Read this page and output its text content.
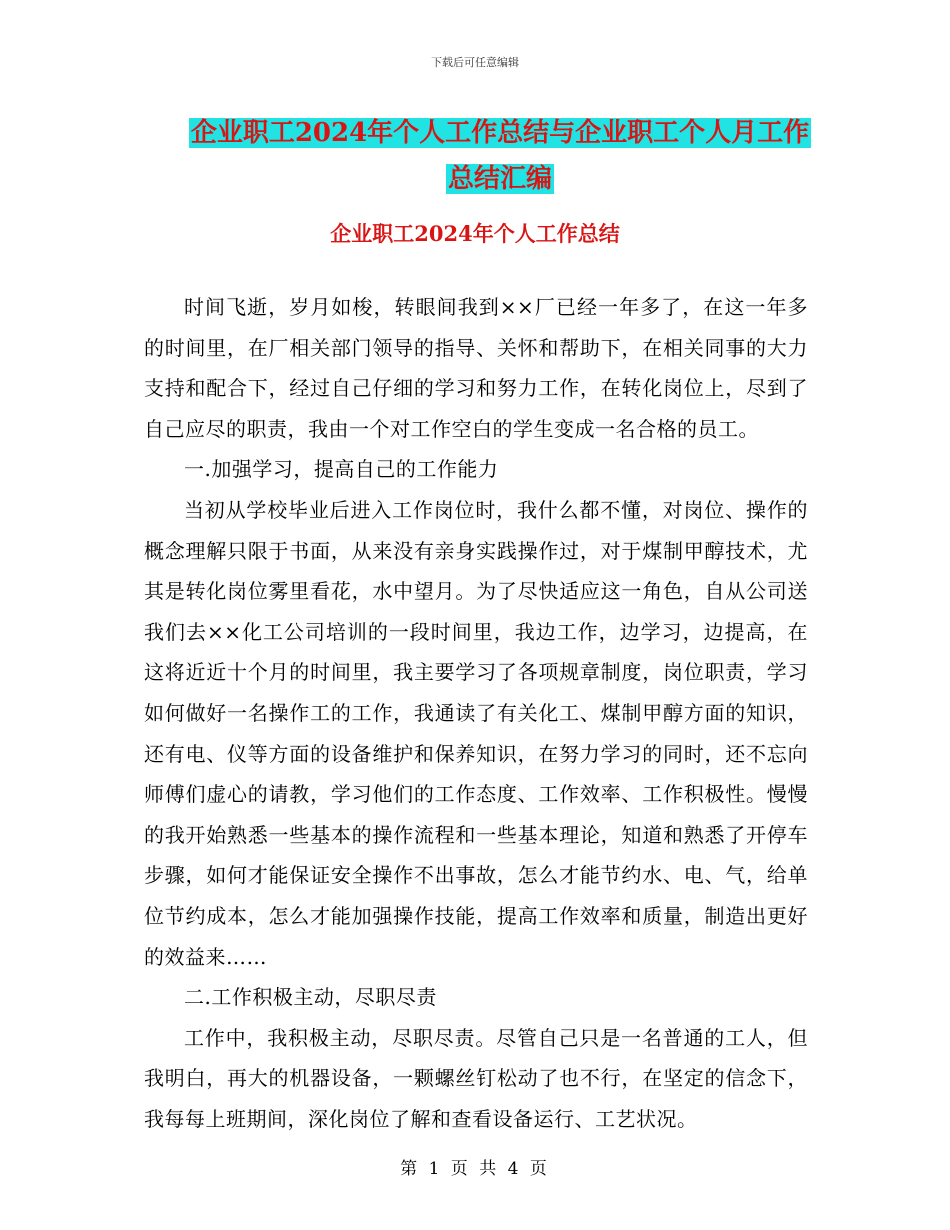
下载后可任意编辑
企业职工2024年个人工作总结与企业职工个人月工作
总结汇编
企业职工2024年个人工作总结

时间飞逝，岁月如梭，转眼间我到××厂已经一年多了，在这一年多的时间里，在厂相关部门领导的指导、关怀和帮助下，在相关同事的大力支持和配合下，经过自己仔细的学习和努力工作，在转化岗位上，尽到了自己应尽的职责，我由一个对工作空白的学生变成一名合格的员工。

一.加强学习，提高自己的工作能力

当初从学校毕业后进入工作岗位时，我什么都不懂，对岗位、操作的概念理解只限于书面，从来没有亲身实践操作过，对于煤制甲醇技术，尤其是转化岗位雾里看花，水中望月。为了尽快适应这一角色，自从公司送我们去××化工公司培训的一段时间里，我边工作，边学习，边提高，在这将近近十个月的时间里，我主要学习了各项规章制度，岗位职责，学习如何做好一名操作工的工作，我通读了有关化工、煤制甲醇方面的知识，还有电、仪等方面的设备维护和保养知识，在努力学习的同时，还不忘向师傅们虚心的请教，学习他们的工作态度、工作效率、工作积极性。慢慢的我开始熟悉一些基本的操作流程和一些基本理论，知道和熟悉了开停车步骤，如何才能保证安全操作不出事故，怎么才能节约水、电、气，给单位节约成本，怎么才能加强操作技能，提高工作效率和质量，制造出更好的效益来……

二.工作积极主动，尽职尽责

工作中，我积极主动，尽职尽责。尽管自己只是一名普通的工人，但我明白，再大的机器设备，一颗螺丝钉松动了也不行，在坚定的信念下，我每每上班期间，深化岗位了解和查看设备运行、工艺状况。

第 1 页 共 4 页
